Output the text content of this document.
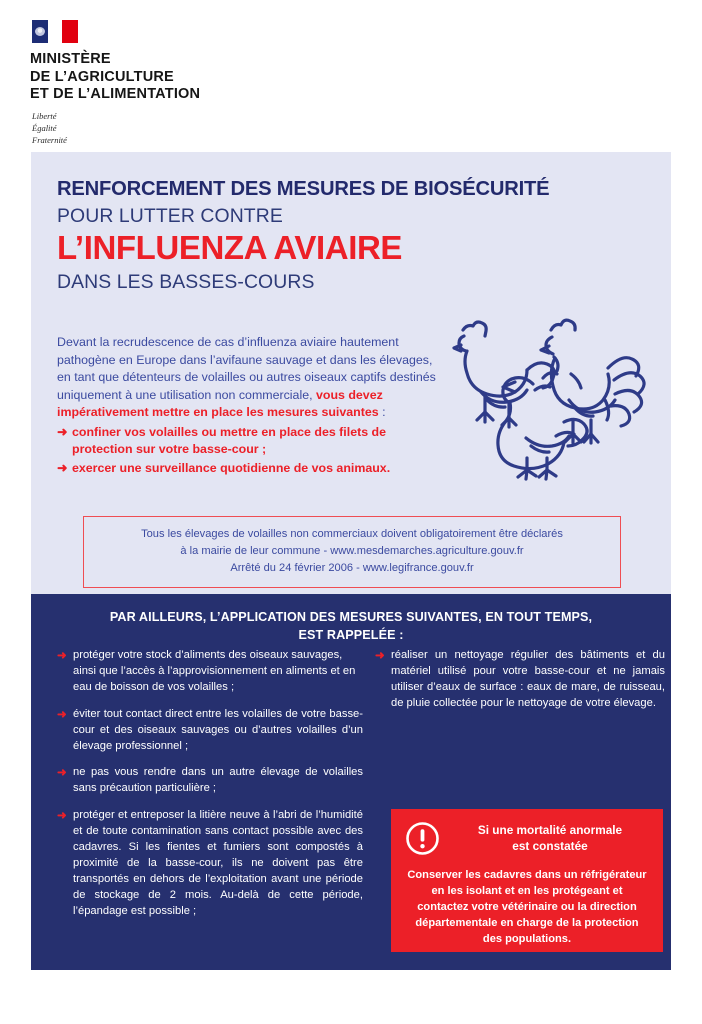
MINISTÈRE
DE L’AGRICULTURE
ET DE L’ALIMENTATION
Liberté
Égalité
Fraternité
RENFORCEMENT DES MESURES DE BIOSÉCURITÉ
POUR LUTTER CONTRE
L’INFLUENZA AVIAIRE
DANS LES BASSES-COURS
Devant la recrudescence de cas d’influenza aviaire hautement pathogène en Europe dans l’avifaune sauvage et dans les élevages, en tant que détenteurs de volailles ou autres oiseaux captifs destinés uniquement à une utilisation non commerciale, vous devez impérativement mettre en place les mesures suivantes :
➜ confiner vos volailles ou mettre en place des filets de protection sur votre basse-cour ;
➜ exercer une surveillance quotidienne de vos animaux.
Tous les élevages de volailles non commerciaux doivent obligatoirement être déclarés
à la mairie de leur commune - www.mesdemarches.agriculture.gouv.fr
Arrêté du 24 février 2006 - www.legifrance.gouv.fr
PAR AILLEURS, L’APPLICATION DES MESURES SUIVANTES, EN TOUT TEMPS,
EST RAPPELÉE :
➜ protéger votre stock d’aliments des oiseaux sauvages, ainsi que l’accès à l’approvisionnement en aliments et en eau de boisson de vos volailles ;
➜ éviter tout contact direct entre les volailles de votre basse-cour et des oiseaux sauvages ou d’autres volailles d’un élevage professionnel ;
➜ ne pas vous rendre dans un autre élevage de volailles sans précaution particulière ;
➜ protéger et entreposer la litière neuve à l’abri de l’humidité et de toute contamination sans contact possible avec des cadavres. Si les fientes et fumiers sont compostés à proximité de la basse-cour, ils ne doivent pas être transportés en dehors de l’exploitation avant une période de stockage de 2 mois. Au-delà de cette période, l’épandage est possible ;
➜ réaliser un nettoyage régulier des bâtiments et du matériel utilisé pour votre basse-cour et ne jamais utiliser d’eaux de surface : eaux de mare, de ruisseau, de pluie collectée pour le nettoyage de votre élevage.
Si une mortalité anormale
est constatée
Conserver les cadavres dans un réfrigérateur en les isolant et en les protégeant et contactez votre vétérinaire ou la direction départementale en charge de la protection des populations.
→ http://agriculture.gouv.fr/influenza-aviaire-strategie-de-gestion-dune-crise-sanitaire
